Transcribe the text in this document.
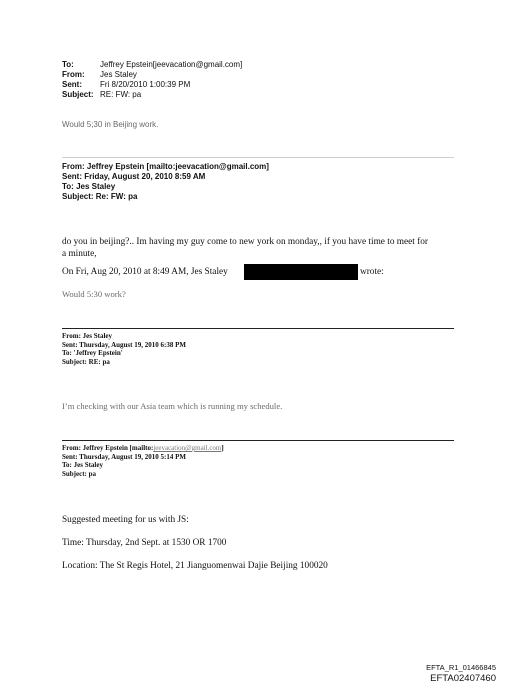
To:	Jeffrey Epstein[jeevacation@gmail.com]
From:	Jes Staley
Sent:	Fri 8/20/2010 1:00:39 PM
Subject: RE: FW: pa
Would 5;30 in Beijing work.
From: Jeffrey Epstein [mailto:jeevacation@gmail.com]
Sent: Friday, August 20, 2010 8:59 AM
To: Jes Staley
Subject: Re: FW: pa
do you in beijing?.. Im having my guy come to new york on monday,, if you have time to meet for
a minute,
On Fri, Aug 20, 2010 at 8:49 AM, Jes Staley	wrote:
Would 5:30 work?
From: Jes Staley
Sent: Thursday, August 19, 2010 6:38 PM
To: 'Jeffrey Epstein'
Subject: RE: pa
I’m checking with our Asia team which is running my schedule.
From: Jeffrey Epstein [mailto:jeevacation@gmail.com]
Sent: Thursday, August 19, 2010 5:14 PM
To: Jes Staley
Subject: pa
Suggested meeting for us with JS:
Time: Thursday, 2nd Sept. at 1530 OR 1700
Location: The St Regis Hotel, 21 Jianguomenwai Dajie Beijing 100020
EFTA_R1_01466845
EFTA02407460
